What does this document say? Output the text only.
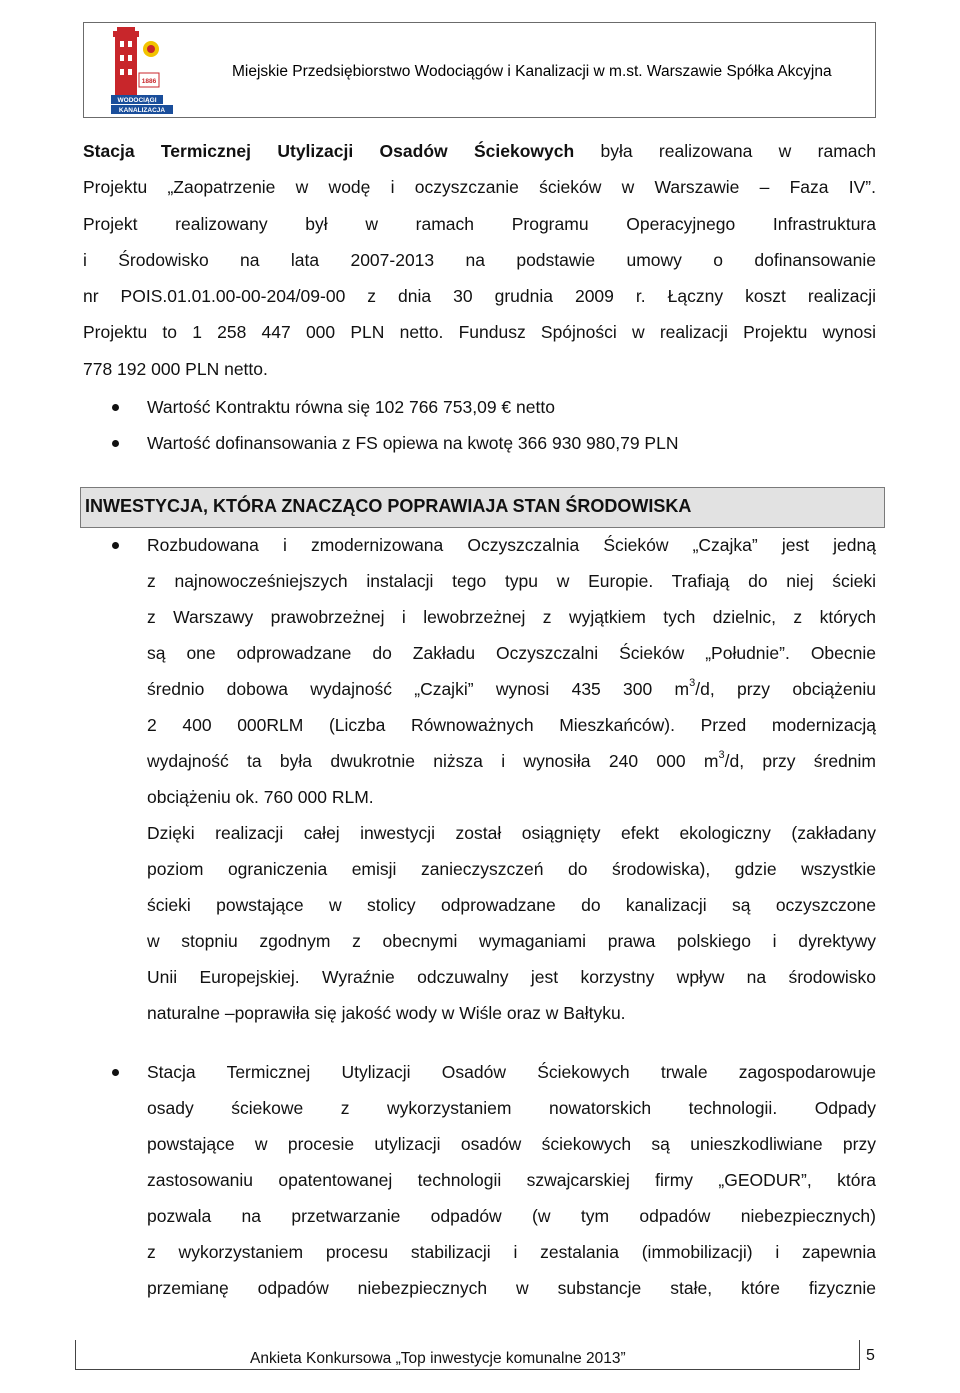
1886
WODOCIĄGI
KANALIZACJA
Miejskie Przedsiębiorstwo Wodociągów i Kanalizacji w m.st. Warszawie Spółka Akcyjna
Stacja Termicznej Utylizacji Osadów Ściekowych była realizowana w ramach
Projektu „Zaopatrzenie w wodę i oczyszczanie ścieków w Warszawie – Faza IV”.
Projekt realizowany był w ramach Programu Operacyjnego Infrastruktura
i Środowisko na lata 2007-2013 na podstawie umowy o dofinansowanie
nr POIS.01.01.00-00-204/09-00 z dnia 30 grudnia 2009 r. Łączny koszt realizacji
Projektu to 1 258 447 000 PLN netto. Fundusz Spójności w realizacji Projektu wynosi
778 192 000 PLN netto.
Wartość Kontraktu równa się 102 766 753,09 € netto
Wartość dofinansowania z FS opiewa na kwotę 366 930 980,79 PLN
INWESTYCJA, KTÓRA ZNACZĄCO POPRAWIAJA STAN ŚRODOWISKA
Rozbudowana i zmodernizowana Oczyszczalnia Ścieków „Czajka” jest jedną
z najnowocześniejszych instalacji tego typu w Europie. Trafiają do niej ścieki
z Warszawy prawobrzeżnej i lewobrzeżnej z wyjątkiem tych dzielnic, z których
są one odprowadzane do Zakładu Oczyszczalni Ścieków „Południe”. Obecnie
średnio dobowa wydajność „Czajki” wynosi 435 300 $m^3/d$, przy obciążeniu
2 400 000RLM (Liczba Równoważnych Mieszkańców). Przed modernizacją
wydajność ta była dwukrotnie niższa i wynosiła 240 000 $m^3/d$, przy średnim
obciążeniu ok. 760 000 RLM.
Dzięki realizacji całej inwestycji został osiągnięty efekt ekologiczny (zakładany
poziom ograniczenia emisji zanieczyszczeń do środowiska), gdzie wszystkie
ścieki powstające w stolicy odprowadzane do kanalizacji są oczyszczone
w stopniu zgodnym z obecnymi wymaganiami prawa polskiego i dyrektywy
Unii Europejskiej. Wyraźnie odczuwalny jest korzystny wpływ na środowisko
naturalne –poprawiła się jakość wody w Wiśle oraz w Bałtyku.
Stacja Termicznej Utylizacji Osadów Ściekowych trwale zagospodarowuje
osady ściekowe z wykorzystaniem nowatorskich technologii. Odpady
powstające w procesie utylizacji osadów ściekowych są unieszkodliwiane przy
zastosowaniu opatentowanej technologii szwajcarskiej firmy „GEODUR”, która
pozwala na przetwarzanie odpadów (w tym odpadów niebezpiecznych)
z wykorzystaniem procesu stabilizacji i zestalania (immobilizacji) i zapewnia
przemianę odpadów niebezpiecznych w substancje stałe, które fizycznie
Ankieta Konkursowa „Top inwestycje komunalne 2013”	5
